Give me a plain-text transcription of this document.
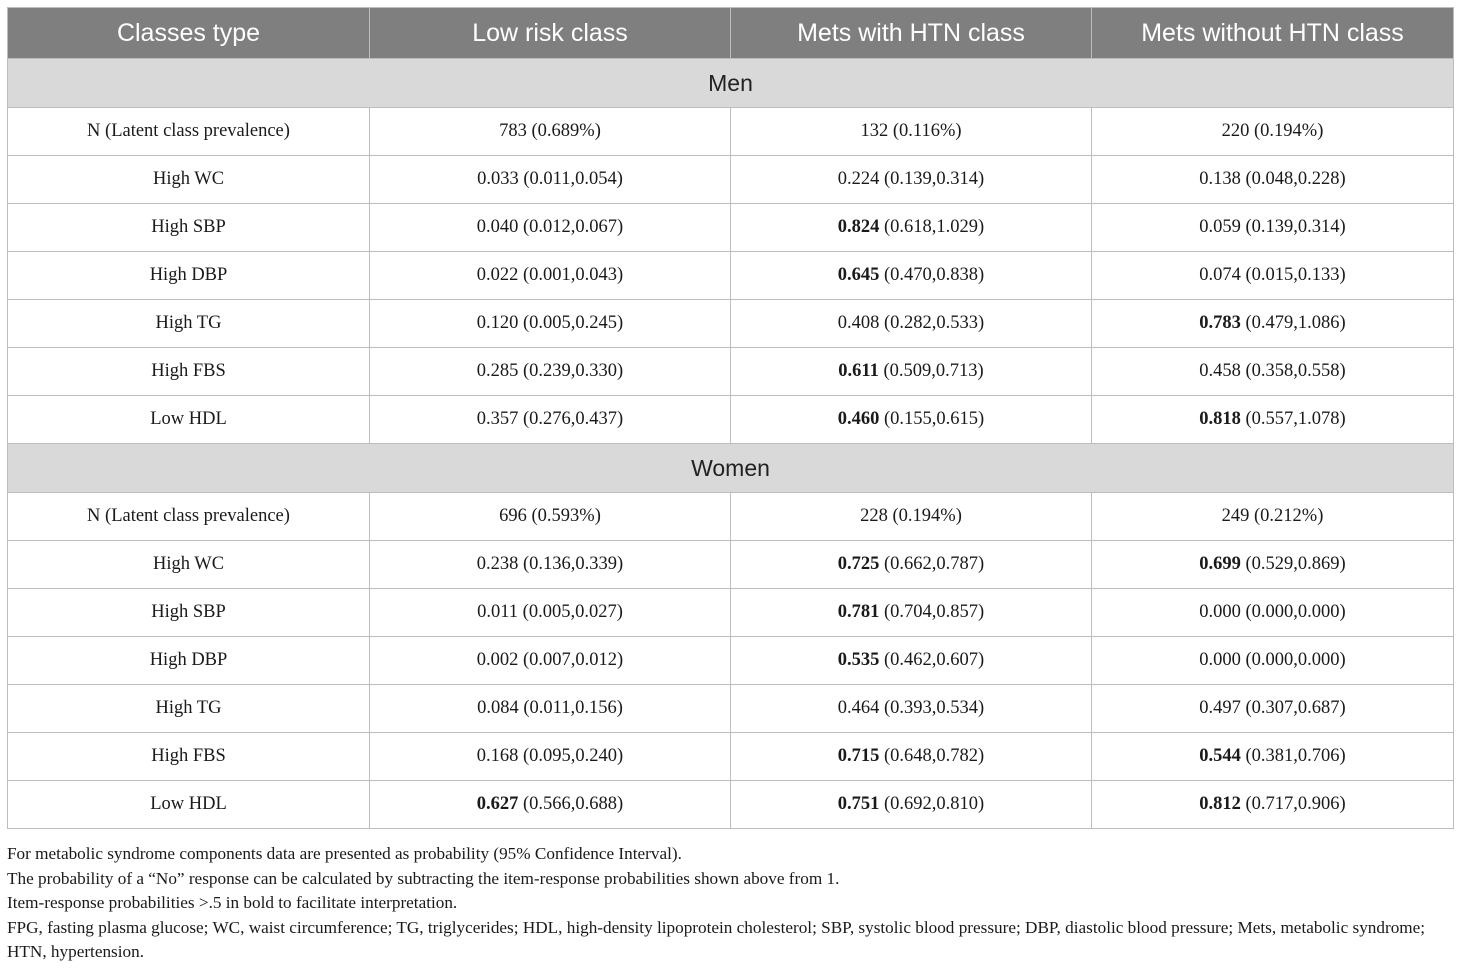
Classes type	Low risk class	Mets with HTN class	Mets without HTN class
Men			
N (Latent class prevalence)	783 (0.689%)	132 (0.116%)	220 (0.194%)
High WC	0.033 (0.011,0.054)	0.224 (0.139,0.314)	0.138 (0.048,0.228)
High SBP	0.040 (0.012,0.067)	0.824 (0.618,1.029)	0.059 (0.139,0.314)
High DBP	0.022 (0.001,0.043)	0.645 (0.470,0.838)	0.074 (0.015,0.133)
High TG	0.120 (0.005,0.245)	0.408 (0.282,0.533)	0.783 (0.479,1.086)
High FBS	0.285 (0.239,0.330)	0.611 (0.509,0.713)	0.458 (0.358,0.558)
Low HDL	0.357 (0.276,0.437)	0.460 (0.155,0.615)	0.818 (0.557,1.078)
Women			
N (Latent class prevalence)	696 (0.593%)	228 (0.194%)	249 (0.212%)
High WC	0.238 (0.136,0.339)	0.725 (0.662,0.787)	0.699 (0.529,0.869)
High SBP	0.011 (0.005,0.027)	0.781 (0.704,0.857)	0.000 (0.000,0.000)
High DBP	0.002 (0.007,0.012)	0.535 (0.462,0.607)	0.000 (0.000,0.000)
High TG	0.084 (0.011,0.156)	0.464 (0.393,0.534)	0.497 (0.307,0.687)
High FBS	0.168 (0.095,0.240)	0.715 (0.648,0.782)	0.544 (0.381,0.706)
Low HDL	0.627 (0.566,0.688)	0.751 (0.692,0.810)	0.812 (0.717,0.906)

For metabolic syndrome components data are presented as probability (95% Confidence Interval).

The probability of a “No” response can be calculated by subtracting the item-response probabilities shown above from 1.

Item-response probabilities >.5 in bold to facilitate interpretation.

FPG, fasting plasma glucose; WC, waist circumference; TG, triglycerides; HDL, high-density lipoprotein cholesterol; SBP, systolic blood pressure; DBP, diastolic blood pressure; Mets, metabolic syndrome; HTN, hypertension.
